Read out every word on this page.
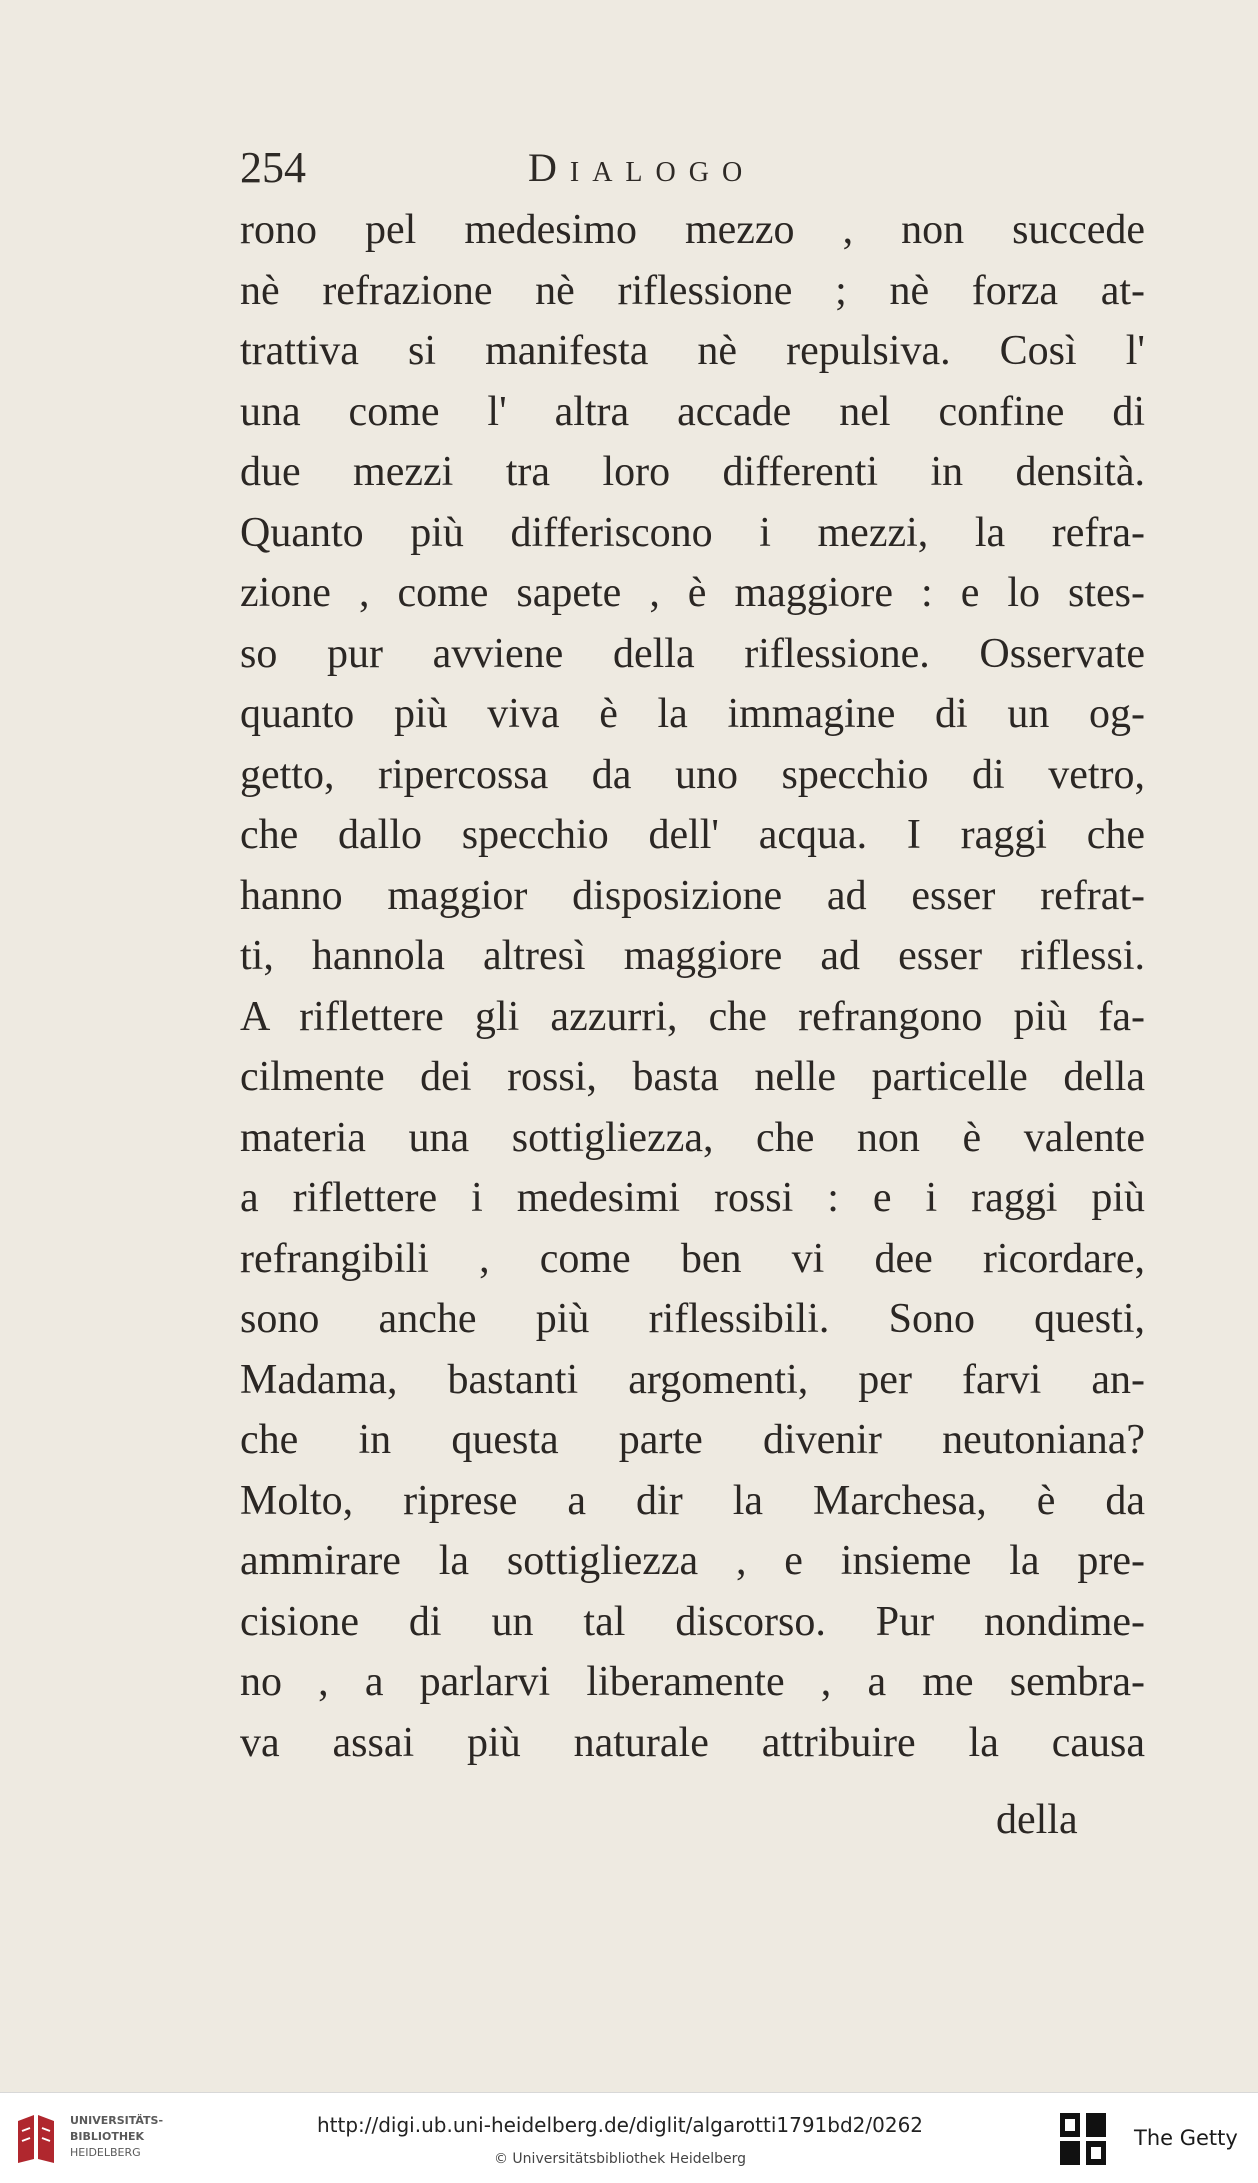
254	Dialogo
rono pel medesimo mezzo , non succede
nè refrazione nè riflessione ; nè forza at-
trattiva si manifesta nè repulsiva. Così l'
una come l' altra accade nel confine di
due mezzi tra loro differenti in densità.
Quanto più differiscono i mezzi, la refra-
zione , come sapete , è maggiore : e lo stes-
so pur avviene della riflessione. Osservate
quanto più viva è la immagine di un og-
getto, ripercossa da uno specchio di vetro,
che dallo specchio dell' acqua. I raggi che
hanno maggior disposizione ad esser refrat-
ti, hannola altresì maggiore ad esser riflessi.
A riflettere gli azzurri, che refrangono più fa-
cilmente dei rossi, basta nelle particelle della
materia una sottigliezza, che non è valente
a riflettere i medesimi rossi : e i raggi più
refrangibili , come ben vi dee ricordare,
sono anche più riflessibili. Sono questi,
Madama, bastanti argomenti, per farvi an-
che in questa parte divenir neutoniana?
Molto, riprese a dir la Marchesa, è da
ammirare la sottigliezza , e insieme la pre-
cisione di un tal discorso. Pur nondime-
no , a parlarvi liberamente , a me sembra-
va assai più naturale attribuire la causa
della
UNIVERSITÄTS-
BIBLIOTHEK
HEIDELBERG
http://digi.ub.uni-heidelberg.de/diglit/algarotti1791bd2/0262
© Universitätsbibliothek Heidelberg
The Getty
